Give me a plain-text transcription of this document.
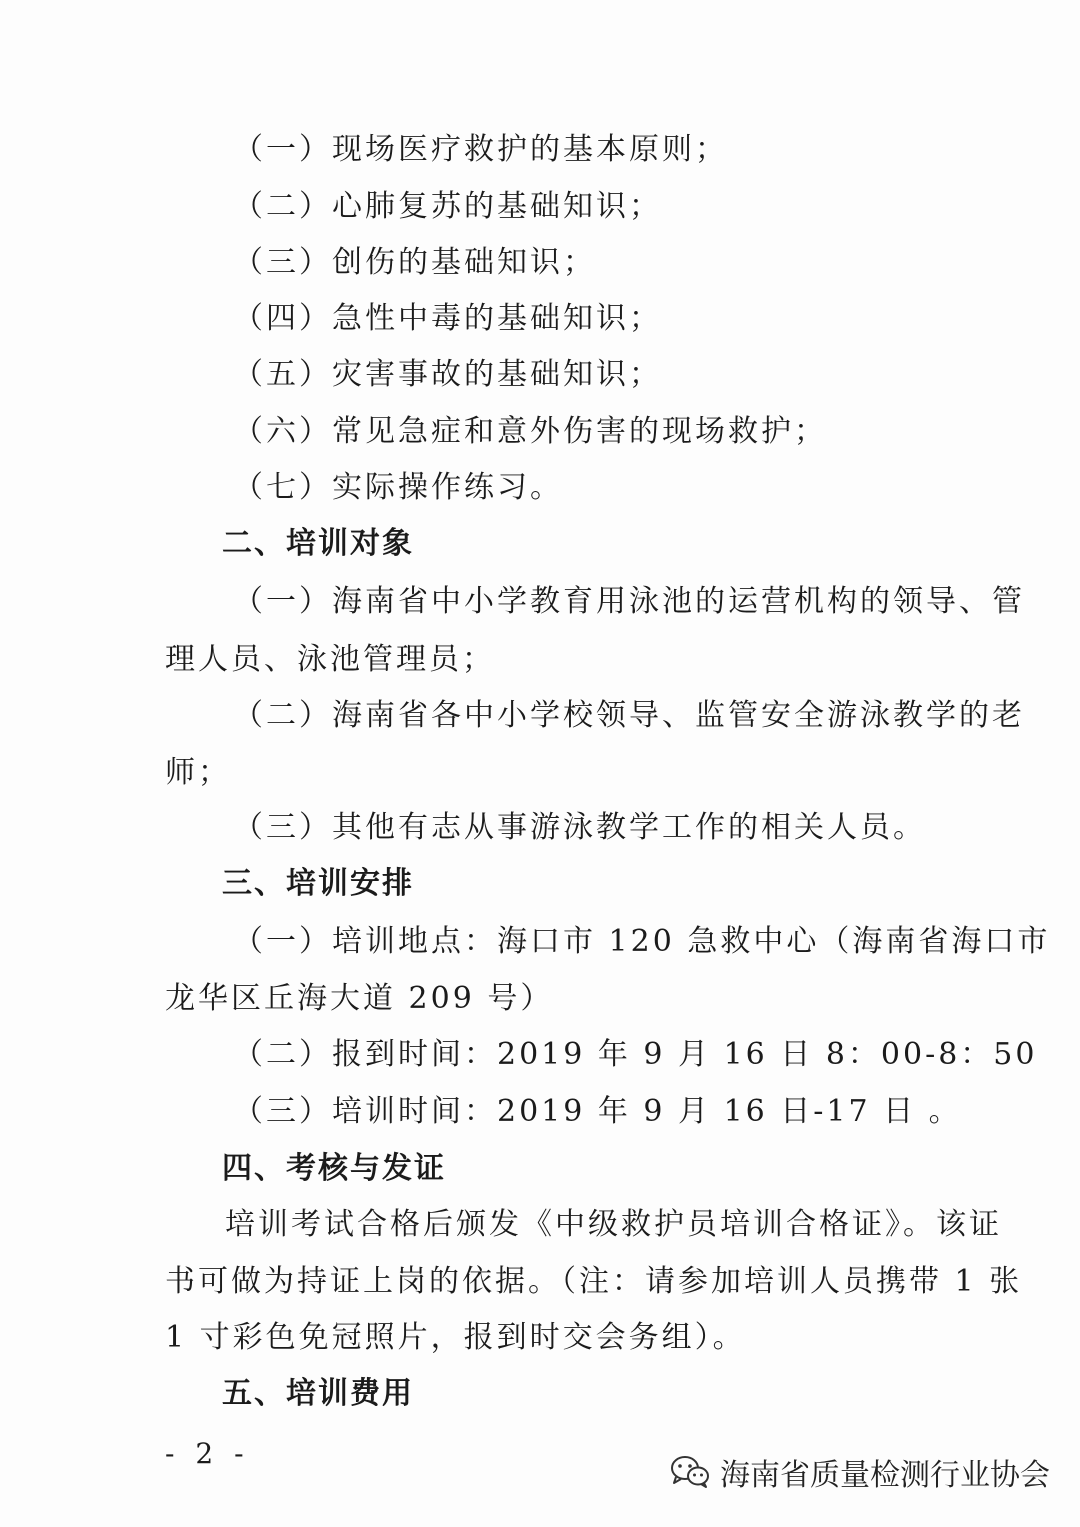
（一）现场医疗救护的基本原则；
（二）心肺复苏的基础知识；
（三）创伤的基础知识；
（四）急性中毒的基础知识；
（五）灾害事故的基础知识；
（六）常见急症和意外伤害的现场救护；
（七）实际操作练习。
二、培训对象
（一）海南省中小学教育用泳池的运营机构的领导、管
理人员、泳池管理员；
（二）海南省各中小学校领导、监管安全游泳教学的老
师；
（三）其他有志从事游泳教学工作的相关人员。
三、培训安排
（一）培训地点：海口市 120 急救中心（海南省海口市
龙华区丘海大道 209 号）
（二）报到时间：2019 年 9 月 16 日 8：00-8：50
（三）培训时间：2019 年 9 月 16 日-17 日 。
四、考核与发证
培训考试合格后颁发《中级救护员培训合格证》。该证
书可做为持证上岗的依据。（注：请参加培训人员携带 1 张
1 寸彩色免冠照片，报到时交会务组）。
五、培训费用
- 2 -
海南省质量检测行业协会
